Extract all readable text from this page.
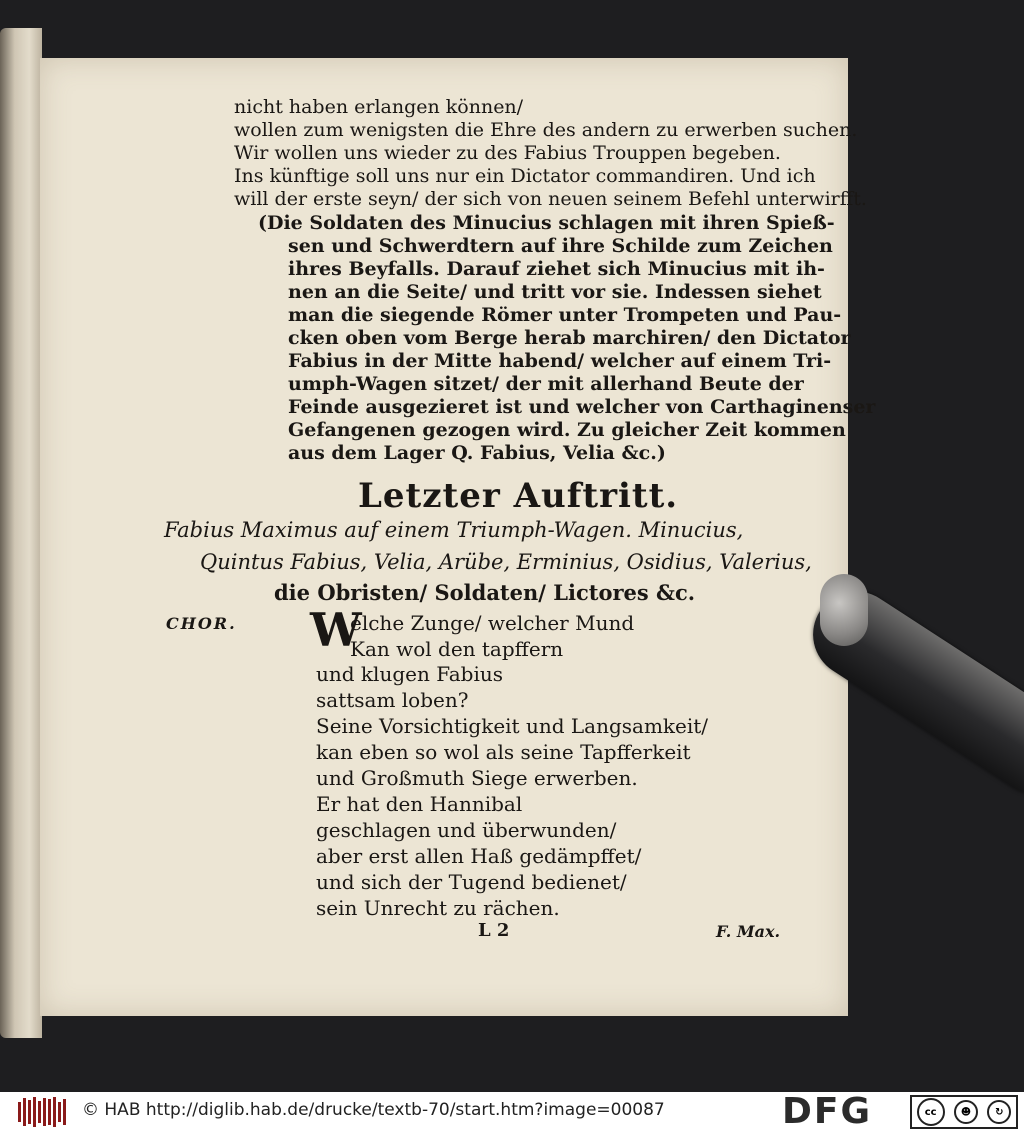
nicht haben erlangen können/
wollen zum wenigsten die Ehre des andern zu erwerben suchen.
Wir wollen uns wieder zu des Fabius Trouppen begeben.
Ins künftige soll uns nur ein Dictator commandiren. Und ich
will der erste seyn/ der sich von neuen seinem Befehl unterwirfft.
(Die Soldaten des Minucius schlagen mit ihren Spieß-
sen und Schwerdtern auf ihre Schilde zum Zeichen
ihres Beyfalls. Darauf ziehet sich Minucius mit ih-
nen an die Seite/ und tritt vor sie. Indessen siehet
man die siegende Römer unter Trompeten und Pau-
cken oben vom Berge herab marchiren/ den Dictator
Fabius in der Mitte habend/ welcher auf einem Tri-
umph-Wagen sitzet/ der mit allerhand Beute der
Feinde ausgezieret ist und welcher von Carthaginenser
Gefangenen gezogen wird. Zu gleicher Zeit kommen
aus dem Lager Q. Fabius, Velia &c.)
Letzter Auftritt.
Fabius Maximus auf einem Triumph-Wagen. Minucius,
Quintus Fabius, Velia, Arübe, Erminius, Osidius, Valerius,
die Obristen/ Soldaten/ Lictores &c.
CHOR. W
elche Zunge/ welcher Mund
Kan wol den tapffern
und klugen Fabius
sattsam loben?
Seine Vorsichtigkeit und Langsamkeit/
kan eben so wol als seine Tapfferkeit
und Großmuth Siege erwerben.
Er hat den Hannibal
geschlagen und überwunden/
aber erst allen Haß gedämpffet/
und sich der Tugend bedienet/
sein Unrecht zu rächen.
L 2	F. Max.
© HAB http://diglib.hab.de/drucke/textb-70/start.htm?image=00087	DFG	cc	☻	↻
